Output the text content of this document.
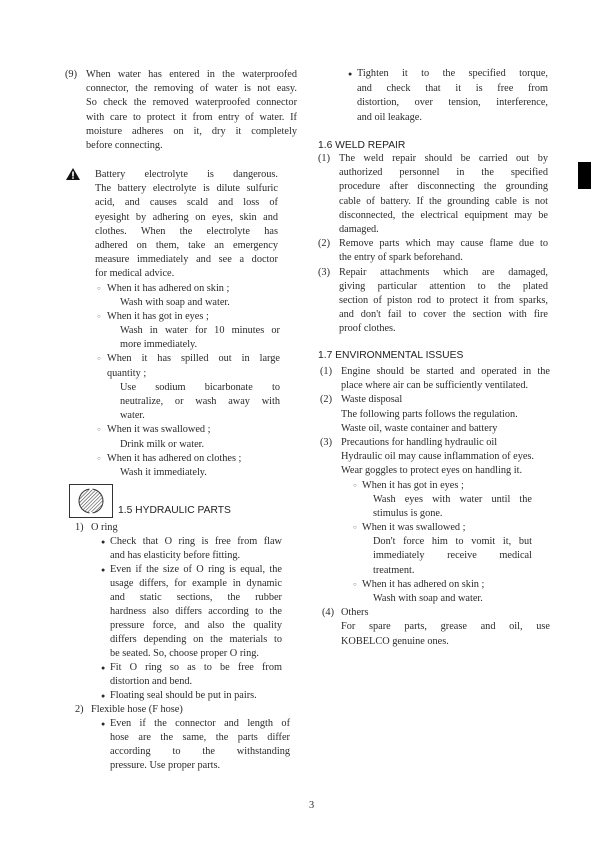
3
(9) When water has entered in the waterproofed
connector, the removing of water is not easy.
So check the removed waterproofed connector
with care to protect it from entry of water. If
moisture adheres on it, dry it completely
before connecting.
Battery electrolyte is dangerous.
The battery electrolyte is dilute sulfuric
acid, and causes scald and loss of
eyesight by adhering on eyes, skin and
clothes. When the electrolyte has
adhered on them, take an emergency
measure immediately and see a doctor
for medical advice.
○ When it has adhered on skin ;
Wash with soap and water.
○ When it has got in eyes ;
Wash in water for 10 minutes or
more immediately.
○ When it has spilled out in large
quantity ;
Use sodium bicarbonate to
neutralize, or wash away with
water.
○ When it was swallowed ;
Drink milk or water.
○ When it has adhered on clothes ;
Wash it immediately.
1.5 HYDRAULIC PARTS
1) O ring
● Check that O ring is free from flaw
and has elasticity before fitting.
● Even if the size of O ring is equal, the
usage differs, for example in dynamic
and static sections, the rubber
hardness also differs according to the
pressure force, and also the quality
differs depending on the materials to
be seated. So, choose proper O ring.
● Fit O ring so as to be free from
distortion and bend.
● Floating seal should be put in pairs.
2) Flexible hose (F hose)
● Even if the connector and length of
hose are the same, the parts differ
according to the withstanding
pressure. Use proper parts.
● Tighten it to the specified torque,
and check that it is free from
distortion, over tension, interference,
and oil leakage.
1.6 WELD REPAIR
(1) The weld repair should be carried out by
authorized personnel in the specified
procedure after disconnecting the grounding
cable of battery. If the grounding cable is not
disconnected, the electrical equipment may be
damaged.
(2) Remove parts which may cause flame due to
the entry of spark beforehand.
(3) Repair attachments which are damaged,
giving particular attention to the plated
section of piston rod to protect it from sparks,
and don't fail to cover the section with fire
proof clothes.
1.7 ENVIRONMENTAL ISSUES
(1) Engine should be started and operated in the
place where air can be sufficiently ventilated.
(2) Waste disposal
The following parts follows the regulation.
Waste oil, waste container and battery
(3) Precautions for handling hydraulic oil
Hydraulic oil may cause inflammation of eyes.
Wear goggles to protect eyes on handling it.
○ When it has got in eyes ;
Wash eyes with water until the
stimulus is gone.
○ When it was swallowed ;
Don't force him to vomit it, but
immediately receive medical
treatment.
○ When it has adhered on skin ;
Wash with soap and water.
(4) Others
For spare parts, grease and oil, use
KOBELCO genuine ones.
